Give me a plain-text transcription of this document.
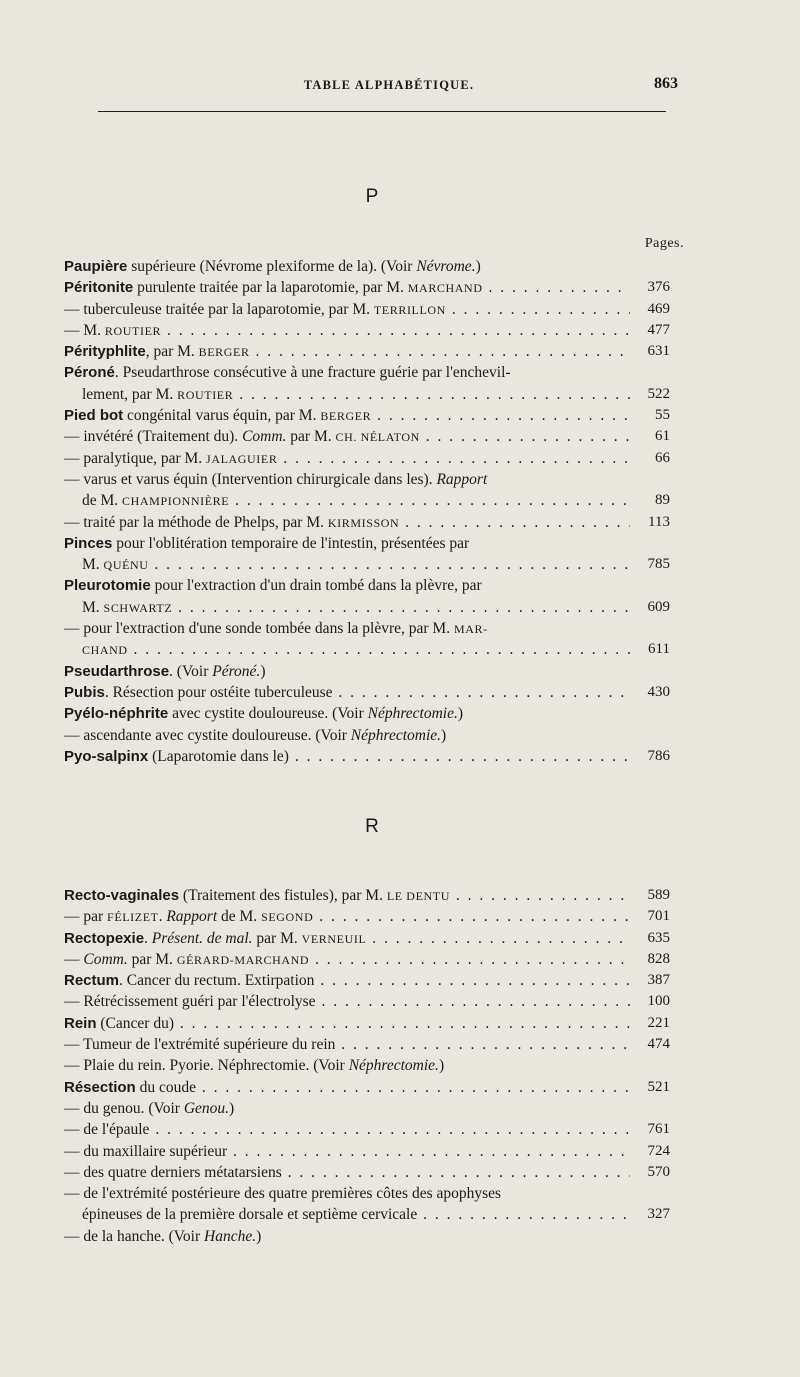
TABLE ALPHABÉTIQUE.	863
P
Pages.
Paupière supérieure (Névrome plexiforme de la). (Voir Névrome.)
Péritonite purulente traitée par la laparotomie, par M. MARCHAND . . .	376
— tuberculeuse traitée par la laparotomie, par M. TERRILLON . . .	469
— M. ROUTIER . . .	477
Pérityphlite, par M. BERGER . . .	631
Péroné. Pseudarthrose consécutive à une fracture guérie par l'enchevil-
lement, par M. ROUTIER . . .	522
Pied bot congénital varus équin, par M. BERGER . . .	55
— invétéré (Traitement du). Comm. par M. CH. NÉLATON . . .	61
— paralytique, par M. JALAGUIER . . .	66
— varus et varus équin (Intervention chirurgicale dans les). Rapport
de M. CHAMPIONNIÈRE . . .	89
— traité par la méthode de Phelps, par M. KIRMISSON . . .	113
Pinces pour l'oblitération temporaire de l'intestin, présentées par
M. QUÉNU . . .	785
Pleurotomie pour l'extraction d'un drain tombé dans la plèvre, par
M. SCHWARTZ . . .	609
— pour l'extraction d'une sonde tombée dans la plèvre, par M. MAR-
CHAND . . .	611
Pseudarthrose. (Voir Péroné.)
Pubis. Résection pour ostéite tuberculeuse . . .	430
Pyélo-néphrite avec cystite douloureuse. (Voir Néphrectomie.)
— ascendante avec cystite douloureuse. (Voir Néphrectomie.)
Pyo-salpinx (Laparotomie dans le) . . .	786
R
Recto-vaginales (Traitement des fistules), par M. LE DENTU . . .	589
— par FÉLIZET. Rapport de M. SEGOND . . .	701
Rectopexie. Présent. de mal. par M. VERNEUIL . . .	635
— Comm. par M. GÉRARD-MARCHAND . . .	828
Rectum. Cancer du rectum. Extirpation . . .	387
— Rétrécissement guéri par l'électrolyse . . .	100
Rein (Cancer du) . . .	221
— Tumeur de l'extrémité supérieure du rein . . .	474
— Plaie du rein. Pyorie. Néphrectomie. (Voir Néphrectomie.)
Résection du coude . . .	521
— du genou. (Voir Genou.)
— de l'épaule . . .	761
— du maxillaire supérieur . . .	724
— des quatre derniers métatarsiens . . .	570
— de l'extrémité postérieure des quatre premières côtes des apophyses
épineuses de la première dorsale et septième cervicale . . .	327
— de la hanche. (Voir Hanche.)
